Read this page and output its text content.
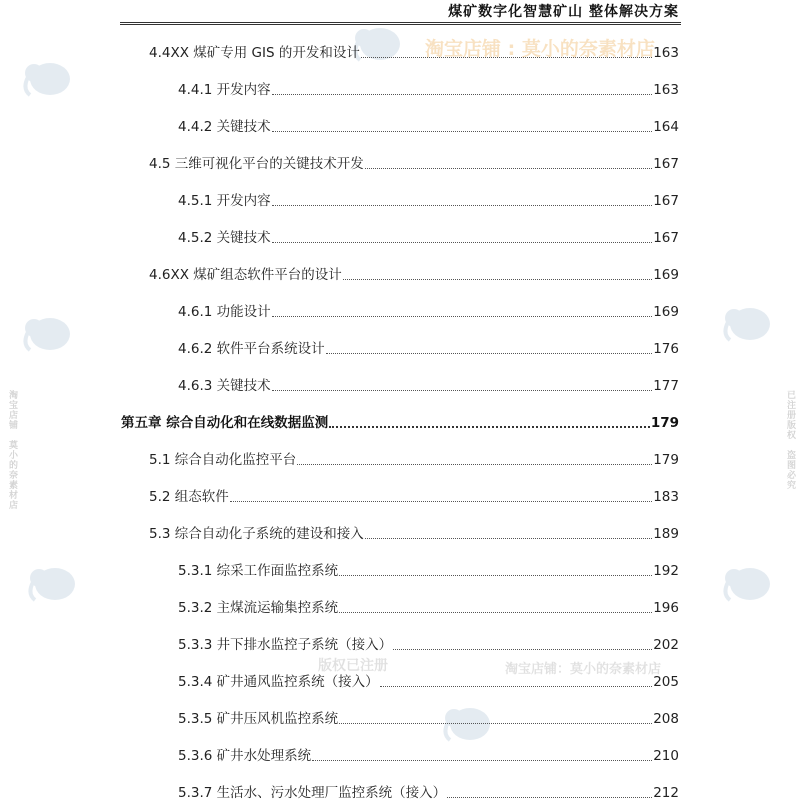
煤矿数字化智慧矿山 整体解决方案
淘宝店铺 : 莫小的奈素材店
版权已注册	淘宝店铺：莫小的奈素材店
淘宝店铺　莫小的奈素材店	已注册版权　盗图必究
4.4XX 煤矿专用 GIS 的开发和设计	163
4.4.1 开发内容	163
4.4.2 关键技术	164
4.5 三维可视化平台的关键技术开发	167
4.5.1 开发内容	167
4.5.2 关键技术	167
4.6XX 煤矿组态软件平台的设计	169
4.6.1 功能设计	169
4.6.2 软件平台系统设计	176
4.6.3 关键技术	177
第五章 综合自动化和在线数据监测	179
5.1 综合自动化监控平台	179
5.2 组态软件	183
5.3 综合自动化子系统的建设和接入	189
5.3.1 综采工作面监控系统	192
5.3.2 主煤流运输集控系统	196
5.3.3 井下排水监控子系统（接入）	202
5.3.4 矿井通风监控系统（接入）	205
5.3.5 矿井压风机监控系统	208
5.3.6 矿井水处理系统	210
5.3.7 生活水、污水处理厂监控系统（接入）	212
